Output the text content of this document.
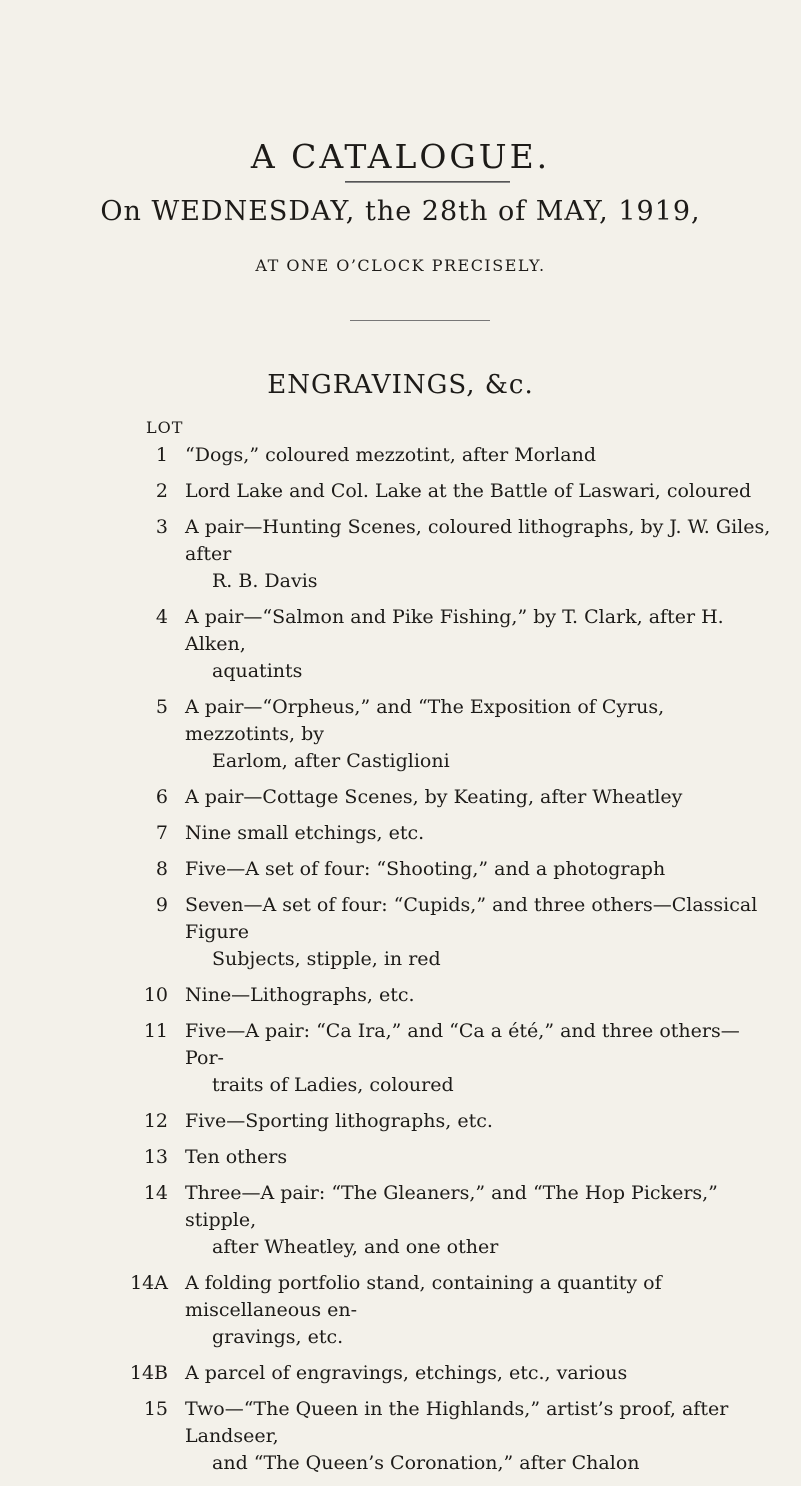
A CATALOGUE.
On WEDNESDAY, the 28th of MAY, 1919,
AT ONE O’CLOCK PRECISELY.
ENGRAVINGS, &c.
LOT
1 “Dogs,” coloured mezzotint, after Morland
2 Lord Lake and Col. Lake at the Battle of Laswari, coloured
3 A pair—Hunting Scenes, coloured lithographs, by J. W. Giles, after
R. B. Davis
4 A pair—“Salmon and Pike Fishing,” by T. Clark, after H. Alken,
aquatints
5 A pair—“Orpheus,” and “The Exposition of Cyrus, mezzotints, by
Earlom, after Castiglioni
6 A pair—Cottage Scenes, by Keating, after Wheatley
7 Nine small etchings, etc.
8 Five—A set of four: “Shooting,” and a photograph
9 Seven—A set of four: “Cupids,” and three others—Classical Figure
Subjects, stipple, in red
10 Nine—Lithographs, etc.
11 Five—A pair: “Ca Ira,” and “Ca a été,” and three others—Por-
traits of Ladies, coloured
12 Five—Sporting lithographs, etc.
13 Ten others
14 Three—A pair: “The Gleaners,” and “The Hop Pickers,” stipple,
after Wheatley, and one other
14A A folding portfolio stand, containing a quantity of miscellaneous en-
gravings, etc.
14B A parcel of engravings, etchings, etc., various
15 Two—“The Queen in the Highlands,” artist’s proof, after Landseer,
and “The Queen’s Coronation,” after Chalon
